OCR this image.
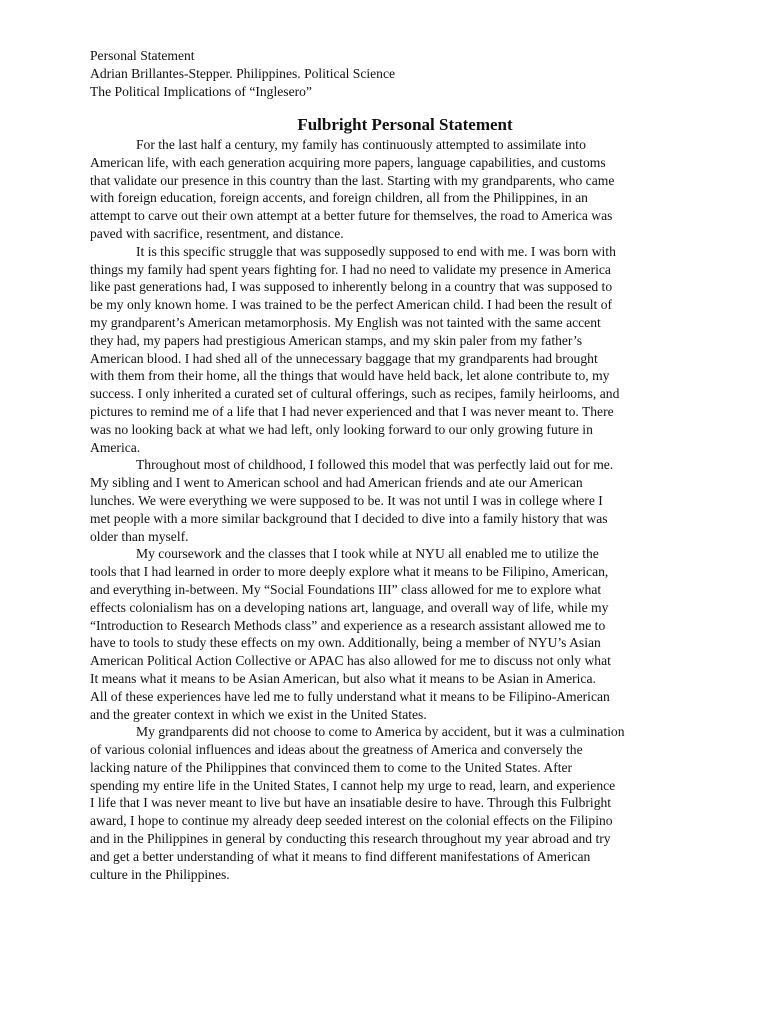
Personal Statement
Adrian Brillantes-Stepper. Philippines. Political Science
The Political Implications of “Inglesero”
Fulbright Personal Statement
For the last half a century, my family has continuously attempted to assimilate into
American life, with each generation acquiring more papers, language capabilities, and customs
that validate our presence in this country than the last. Starting with my grandparents, who came
with foreign education, foreign accents, and foreign children, all from the Philippines, in an
attempt to carve out their own attempt at a better future for themselves, the road to America was
paved with sacrifice, resentment, and distance.
It is this specific struggle that was supposedly supposed to end with me. I was born with
things my family had spent years fighting for. I had no need to validate my presence in America
like past generations had, I was supposed to inherently belong in a country that was supposed to
be my only known home. I was trained to be the perfect American child. I had been the result of
my grandparent’s American metamorphosis. My English was not tainted with the same accent
they had, my papers had prestigious American stamps, and my skin paler from my father’s
American blood. I had shed all of the unnecessary baggage that my grandparents had brought
with them from their home, all the things that would have held back, let alone contribute to, my
success. I only inherited a curated set of cultural offerings, such as recipes, family heirlooms, and
pictures to remind me of a life that I had never experienced and that I was never meant to. There
was no looking back at what we had left, only looking forward to our only growing future in
America.
Throughout most of childhood, I followed this model that was perfectly laid out for me.
My sibling and I went to American school and had American friends and ate our American
lunches. We were everything we were supposed to be. It was not until I was in college where I
met people with a more similar background that I decided to dive into a family history that was
older than myself.
My coursework and the classes that I took while at NYU all enabled me to utilize the
tools that I had learned in order to more deeply explore what it means to be Filipino, American,
and everything in-between. My “Social Foundations III” class allowed for me to explore what
effects colonialism has on a developing nations art, language, and overall way of life, while my
“Introduction to Research Methods class” and experience as a research assistant allowed me to
have to tools to study these effects on my own. Additionally, being a member of NYU’s Asian
American Political Action Collective or APAC has also allowed for me to discuss not only what
It means what it means to be Asian American, but also what it means to be Asian in America.
All of these experiences have led me to fully understand what it means to be Filipino-American
and the greater context in which we exist in the United States.
My grandparents did not choose to come to America by accident, but it was a culmination
of various colonial influences and ideas about the greatness of America and conversely the
lacking nature of the Philippines that convinced them to come to the United States. After
spending my entire life in the United States, I cannot help my urge to read, learn, and experience
I life that I was never meant to live but have an insatiable desire to have. Through this Fulbright
award, I hope to continue my already deep seeded interest on the colonial effects on the Filipino
and in the Philippines in general by conducting this research throughout my year abroad and try
and get a better understanding of what it means to find different manifestations of American
culture in the Philippines.
